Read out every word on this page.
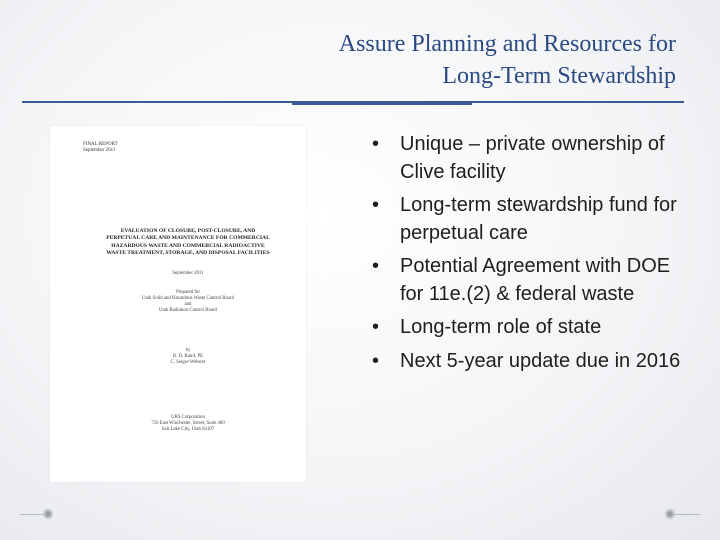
Assure Planning and Resources for
Long-Term Stewardship
FINAL REPORT
September 2011
EVALUATION OF CLOSURE, POST-CLOSURE, AND
PERPETUAL CARE AND MAINTENANCE FOR COMMERCIAL
HAZARDOUS WASTE AND COMMERCIAL RADIOACTIVE
WASTE TREATMENT, STORAGE, AND DISPOSAL FACILITIES
September 2011
Prepared for
Utah Solid and Hazardous Waste Control Board
and
Utah Radiation Control Board
by
R. D. Baird, PE
C. Seiger-Webster
URS Corporation
756 East Winchester, Street, Suite 400
Salt Lake City, Utah 84107
• Unique – private ownership of Clive facility
• Long-term stewardship fund for perpetual care
• Potential Agreement with DOE for 11e.(2) & federal waste
• Long-term role of state
• Next 5-year update due in 2016
